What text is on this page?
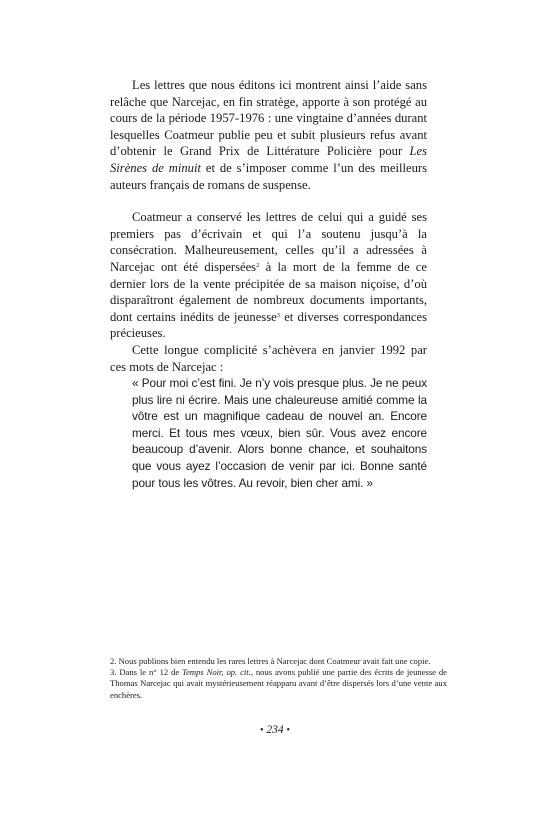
Les lettres que nous éditons ici montrent ainsi l’aide sans relâche que Narcejac, en fin stratège, apporte à son protégé au cours de la période 1957-1976 : une vingtaine d’années durant lesquelles Coatmeur publie peu et subit plusieurs refus avant d’obtenir le Grand Prix de Littérature Policière pour Les Sirènes de minuit et de s’imposer comme l’un des meilleurs auteurs français de romans de suspense.

Coatmeur a conservé les lettres de celui qui a guidé ses premiers pas d’écrivain et qui l’a soutenu jusqu’à la consécration. Malheureusement, celles qu’il a adressées à Narcejac ont été dispersées$^2$ à la mort de la femme de ce dernier lors de la vente précipitée de sa maison niçoise, d’où disparaîtront également de nombreux documents importants, dont certains inédits de jeunesse$^3$ et diverses correspondances précieuses.

Cette longue complicité s’achèvera en janvier 1992 par ces mots de Narcejac :

« Pour moi c’est fini. Je n’y vois presque plus. Je ne peux plus lire ni écrire. Mais une chaleureuse amitié comme la vôtre est un magnifique cadeau de nouvel an. Encore merci. Et tous mes vœux, bien sûr. Vous avez encore beaucoup d’avenir. Alors bonne chance, et souhaitons que vous ayez l’occasion de venir par ici. Bonne santé pour tous les vôtres. Au revoir, bien cher ami. »

2. Nous publions bien entendu les rares lettres à Narcejac dont Coatmeur avait fait une copie.

3. Dans le n° 12 de Temps Noir, op. cit., nous avons publié une partie des écrits de jeunesse de Thomas Narcejac qui avait mystérieusement réapparu avant d’être dispersés lors d’une vente aux enchères.

• 234 •
